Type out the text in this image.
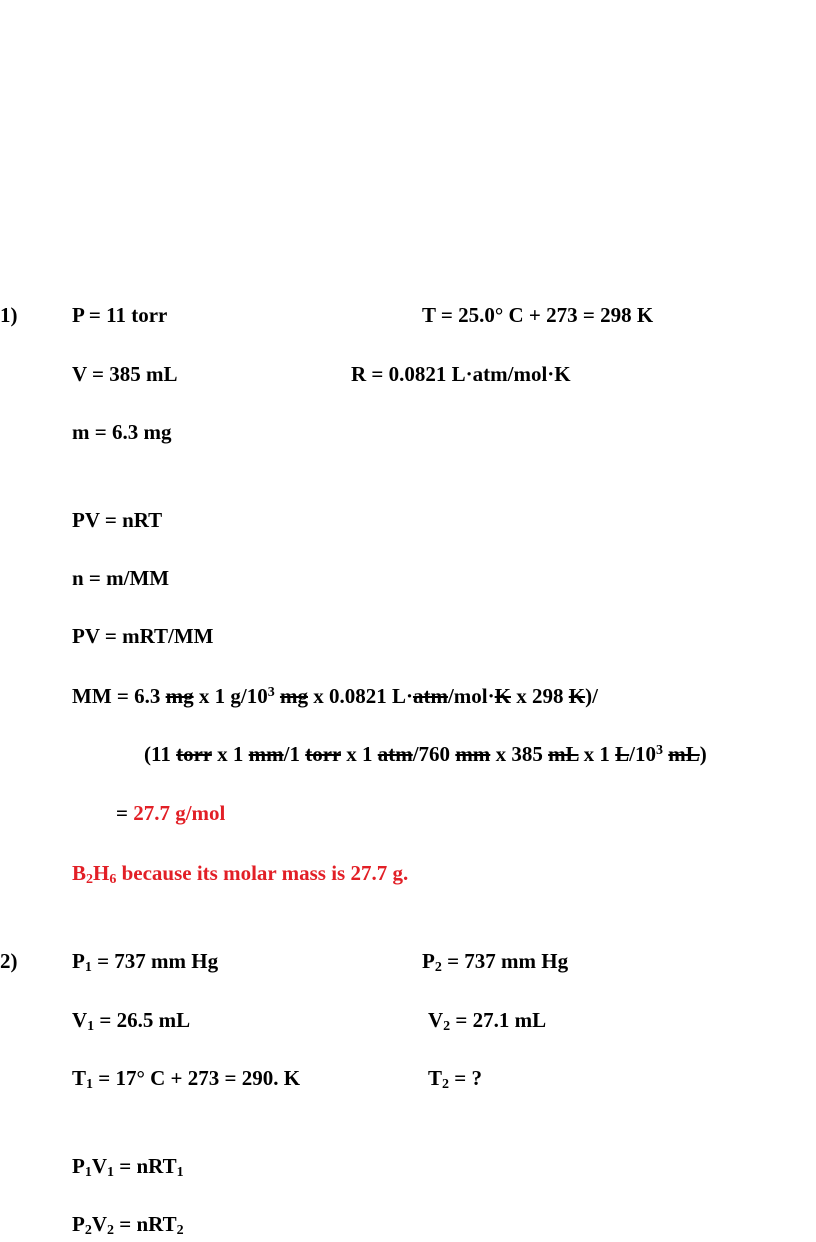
1)	P = 11 torr	T = 25.0° C + 273 = 298 K
V = 385 mL	R = 0.0821 L·atm/mol·K
m = 6.3 mg
PV = nRT
n = m/MM
PV = mRT/MM
MM = 6.3 mg x 1 $g/10^3$ mg x 0.0821 L·atm/mol·K x 298 K)/
(11 torr x 1 mm/1 torr x 1 atm/760 mm x 385 mL x 1 $L/10^3$ mL)
= 27.7 g/mol
$B_2H_6$ because its molar mass is 27.7 g.
2)	$P_1 = 737$ mm Hg	$P_2 = 737$ mm Hg
$V_1 = 26.5$ mL	$V_2 = 27.1$ mL
$T_1 = 17^\circ$ C + 273 = 290. K	$T_2$ = ?
$P_1V_1 = nRT_1$
$P_2V_2 = nRT_2$
